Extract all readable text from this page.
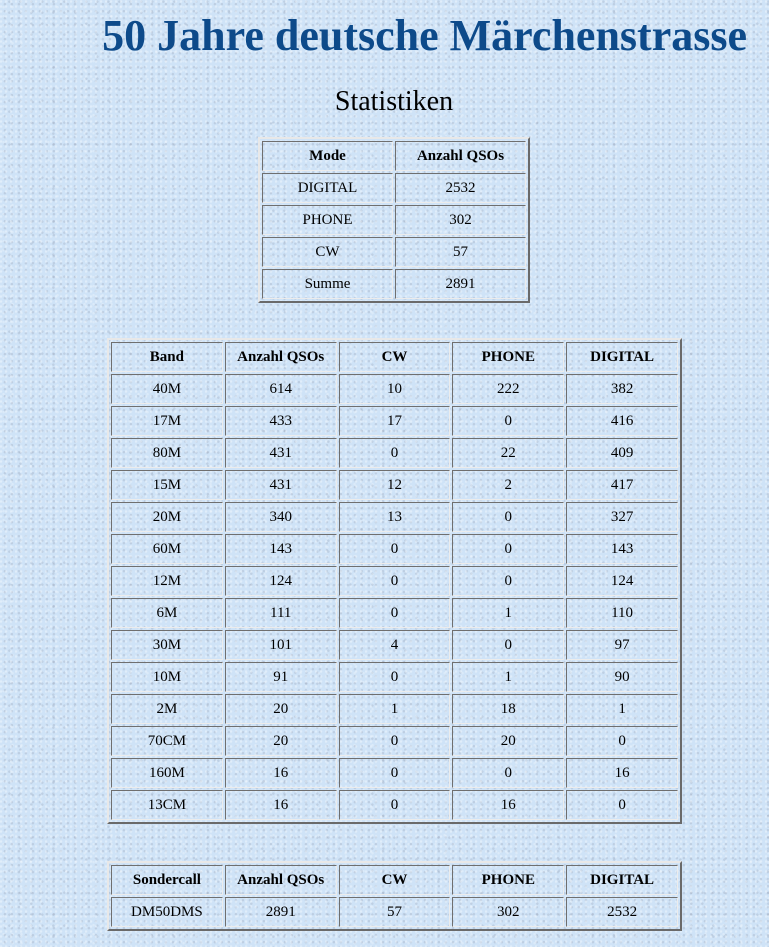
50 Jahre deutsche Märchenstrasse
Statistiken
Mode	Anzahl QSOs
DIGITAL	2532
PHONE	302
CW	57
Summe	2891
Band	Anzahl QSOs	CW	PHONE	DIGITAL
40M	614	10	222	382
17M	433	17	0	416
80M	431	0	22	409
15M	431	12	2	417
20M	340	13	0	327
60M	143	0	0	143
12M	124	0	0	124
6M	111	0	1	110
30M	101	4	0	97
10M	91	0	1	90
2M	20	1	18	1
70CM	20	0	20	0
160M	16	0	0	16
13CM	16	0	16	0
Sondercall	Anzahl QSOs	CW	PHONE	DIGITAL
DM50DMS	2891	57	302	2532
